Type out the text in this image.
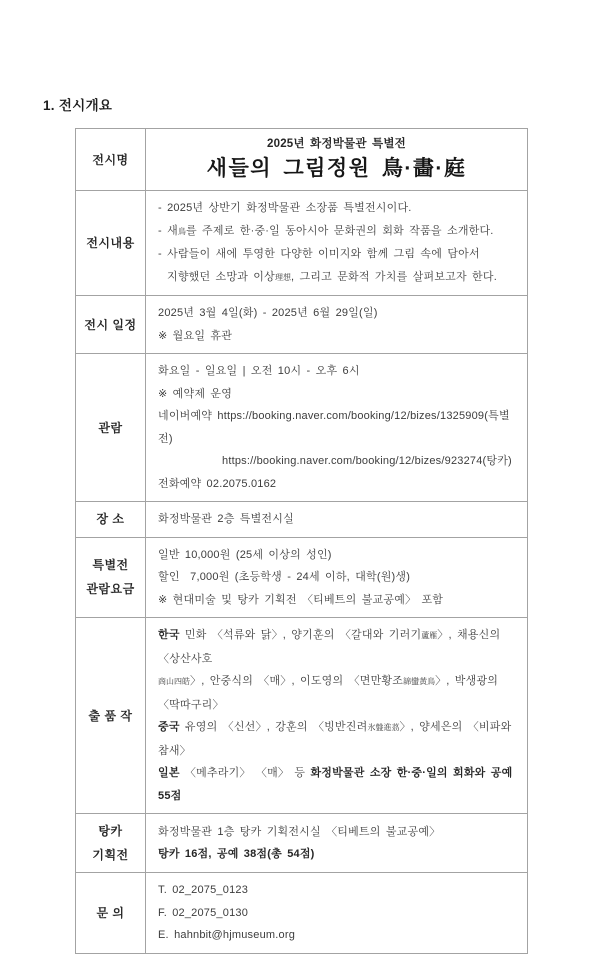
1. 전시개요
전시명
2025년 화정박물관 특별전
새들의 그림정원 鳥·畵·庭
전시내용
- 2025년 상반기 화정박물관 소장품 특별전시이다.
- 새鳥를 주제로 한·중·일 동아시아 문화권의 회화 작품을 소개한다.
- 사람들이 새에 투영한 다양한 이미지와 함께 그림 속에 담아서
지향했던 소망과 이상理想, 그리고 문화적 가치를 살펴보고자 한다.
전시 일정
2025년 3월 4일(화) - 2025년 6월 29일(일)
※ 월요일 휴관
관람
화요일 - 일요일 | 오전 10시 - 오후 6시
※ 예약제 운영
네이버예약 https://booking.naver.com/booking/12/bizes/1325909(특별전)
https://booking.naver.com/booking/12/bizes/923274(탕카)
전화예약 02.2075.0162
장 소	화정박물관 2층 특별전시실
특별전
관람요금
일반 10,000원 (25세 이상의 성인)
할인  7,000원 (초등학생 - 24세 이하, 대학(원)생)
※ 현대미술 및 탕카 기획전 〈티베트의 불교공예〉 포함
출 품 작
한국 민화 〈석류와 닭〉, 양기훈의 〈갈대와 기러기蘆雁〉, 채용신의 〈상산사호
商山四皓〉, 안중식의 〈매〉, 이도영의 〈면만황조綿蠻黃鳥〉, 박생광의 〈딱따구리〉
중국 유영의 〈신선〉, 강훈의 〈빙반진려氷盤進茘〉, 양세은의 〈비파와 참새〉
일본 〈메추라기〉 〈매〉 등 화정박물관 소장 한·중·일의 회화와 공예 55점
탕카
기획전
화정박물관 1층 탕카 기획전시실 〈티베트의 불교공예〉
탕카 16점, 공예 38점(총 54점)
문 의
T. 02_2075_0123
F. 02_2075_0130
E. hahnbit@hjmuseum.org
